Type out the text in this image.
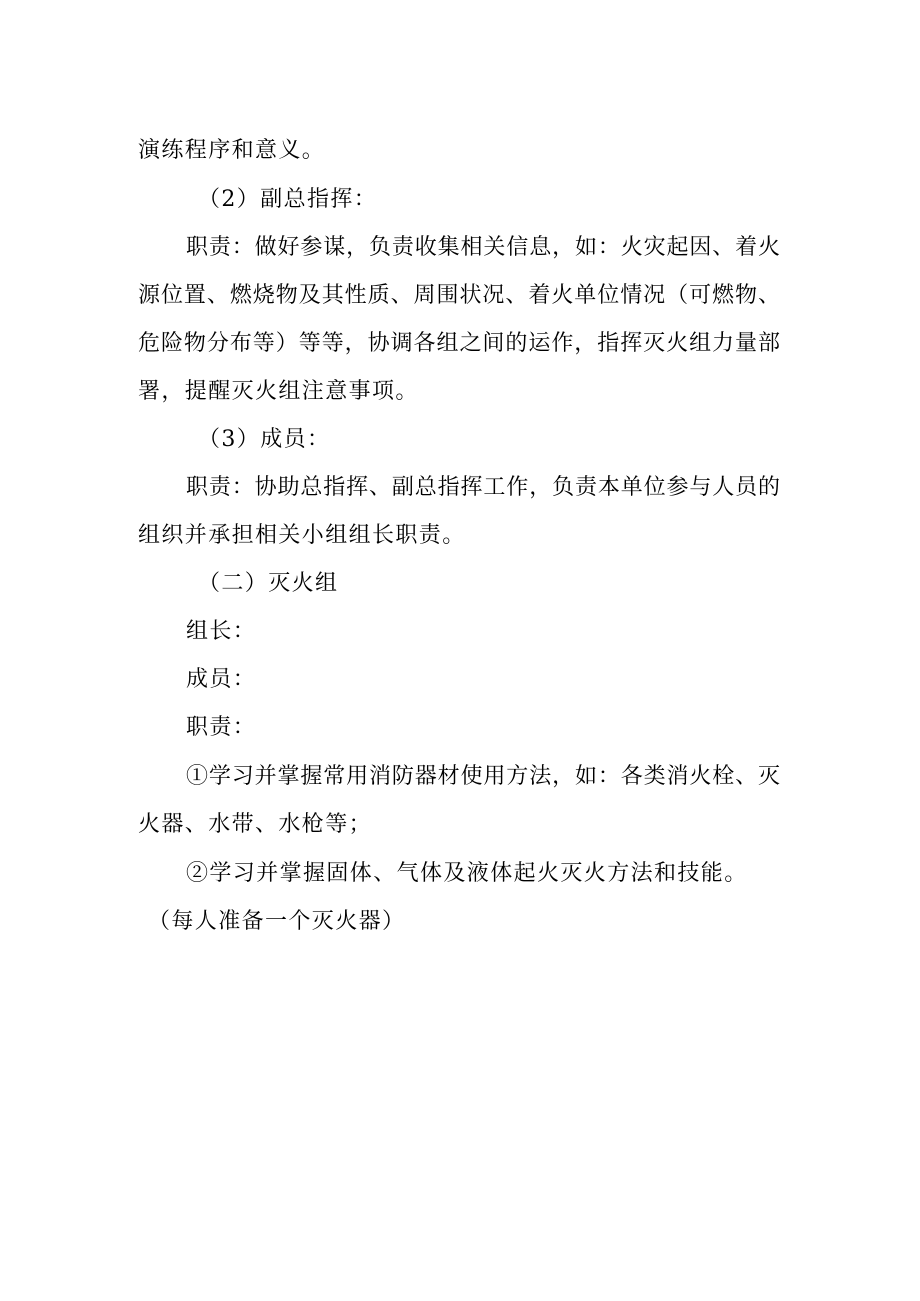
演练程序和意义。
（2）副总指挥：
职责：做好参谋，负责收集相关信息，如：火灾起因、着火
源位置、燃烧物及其性质、周围状况、着火单位情况（可燃物、
危险物分布等）等等，协调各组之间的运作，指挥灭火组力量部
署，提醒灭火组注意事项。
（3）成员：
职责：协助总指挥、副总指挥工作，负责本单位参与人员的
组织并承担相关小组组长职责。
（二）灭火组
组长：
成员：
职责：
①学习并掌握常用消防器材使用方法，如：各类消火栓、灭
火器、水带、水枪等；
②学习并掌握固体、气体及液体起火灭火方法和技能。
（每人准备一个灭火器）
